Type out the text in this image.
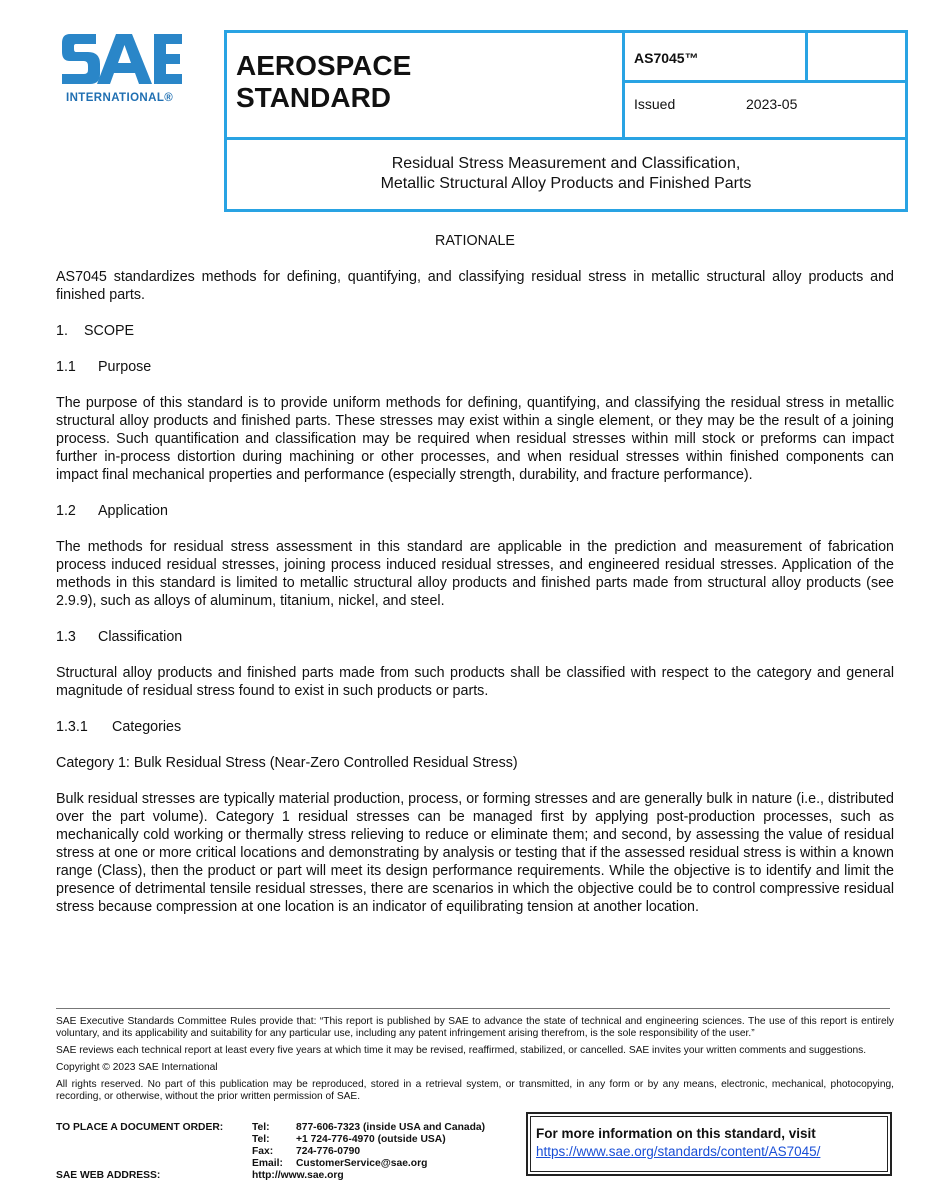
INTERNATIONAL®
AEROSPACE
STANDARD
AS7045™
Issued	2023-05
Residual Stress Measurement and Classification,
Metallic Structural Alloy Products and Finished Parts

RATIONALE

AS7045 standardizes methods for defining, quantifying, and classifying residual stress in metallic structural alloy products and finished parts.

1. SCOPE

1.1 Purpose

The purpose of this standard is to provide uniform methods for defining, quantifying, and classifying the residual stress in metallic structural alloy products and finished parts. These stresses may exist within a single element, or they may be the result of a joining process. Such quantification and classification may be required when residual stresses within mill stock or preforms can impact further in-process distortion during machining or other processes, and when residual stresses within finished components can impact final mechanical properties and performance (especially strength, durability, and fracture performance).

1.2 Application

The methods for residual stress assessment in this standard are applicable in the prediction and measurement of fabrication process induced residual stresses, joining process induced residual stresses, and engineered residual stresses. Application of the methods in this standard is limited to metallic structural alloy products and finished parts made from structural alloy products (see 2.9.9), such as alloys of aluminum, titanium, nickel, and steel.

1.3 Classification

Structural alloy products and finished parts made from such products shall be classified with respect to the category and general magnitude of residual stress found to exist in such products or parts.

1.3.1 Categories

Category 1: Bulk Residual Stress (Near-Zero Controlled Residual Stress)

Bulk residual stresses are typically material production, process, or forming stresses and are generally bulk in nature (i.e., distributed over the part volume). Category 1 residual stresses can be managed first by applying post-production processes, such as mechanically cold working or thermally stress relieving to reduce or eliminate them; and second, by assessing the value of residual stress at one or more critical locations and demonstrating by analysis or testing that if the assessed residual stress is within a known range (Class), then the product or part will meet its design performance requirements. While the objective is to identify and limit the presence of detrimental tensile residual stresses, there are scenarios in which the objective could be to control compressive residual stress because compression at one location is an indicator of equilibrating tension at another location.

SAE Executive Standards Committee Rules provide that: “This report is published by SAE to advance the state of technical and engineering sciences. The use of this report is entirely voluntary, and its applicability and suitability for any particular use, including any patent infringement arising therefrom, is the sole responsibility of the user.”

SAE reviews each technical report at least every five years at which time it may be revised, reaffirmed, stabilized, or cancelled. SAE invites your written comments and suggestions.

Copyright © 2023 SAE International

All rights reserved. No part of this publication may be reproduced, stored in a retrieval system, or transmitted, in any form or by any means, electronic, mechanical, photocopying, recording, or otherwise, without the prior written permission of SAE.

TO PLACE A DOCUMENT ORDER:	Tel:	877-606-7323 (inside USA and Canada)
Tel:	+1 724-776-4970 (outside USA)
Fax: 724-776-0790
Email: CustomerService@sae.org
SAE WEB ADDRESS:	http://www.sae.org
For more information on this standard, visit
https://www.sae.org/standards/content/AS7045/
